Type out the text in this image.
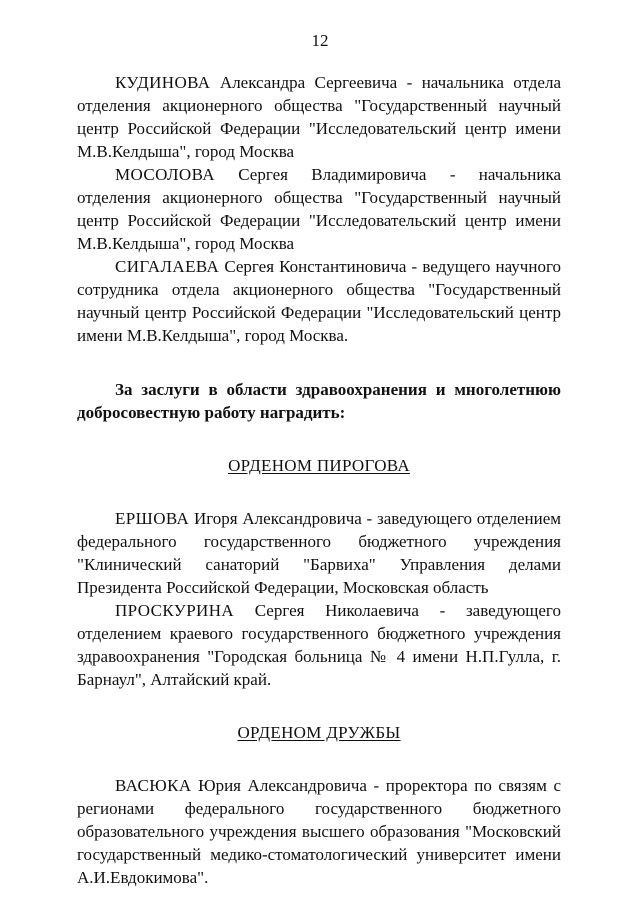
12

КУДИНОВА Александра Сергеевича - начальника отдела отделения акционерного общества "Государственный научный центр Российской Федерации "Исследовательский центр имени М.В.Келдыша", город Москва

МОСОЛОВА Сергея Владимировича - начальника отделения акционерного общества "Государственный научный центр Российской Федерации "Исследовательский центр имени М.В.Келдыша", город Москва

СИГАЛАЕВА Сергея Константиновича - ведущего научного сотрудника отдела акционерного общества "Государственный научный центр Российской Федерации "Исследовательский центр имени М.В.Келдыша", город Москва.

За заслуги в области здравоохранения и многолетнюю добросовестную работу наградить:

ОРДЕНОМ ПИРОГОВА

ЕРШОВА Игоря Александровича - заведующего отделением федерального государственного бюджетного учреждения "Клинический санаторий "Барвиха" Управления делами Президента Российской Федерации, Московская область

ПРОСКУРИНА Сергея Николаевича - заведующего отделением краевого государственного бюджетного учреждения здравоохранения "Городская больница № 4 имени Н.П.Гулла, г. Барнаул", Алтайский край.

ОРДЕНОМ ДРУЖБЫ

ВАСЮКА Юрия Александровича - проректора по связям с регионами федерального государственного бюджетного образовательного учреждения высшего образования "Московский государственный медико-стоматологический университет имени А.И.Евдокимова".
